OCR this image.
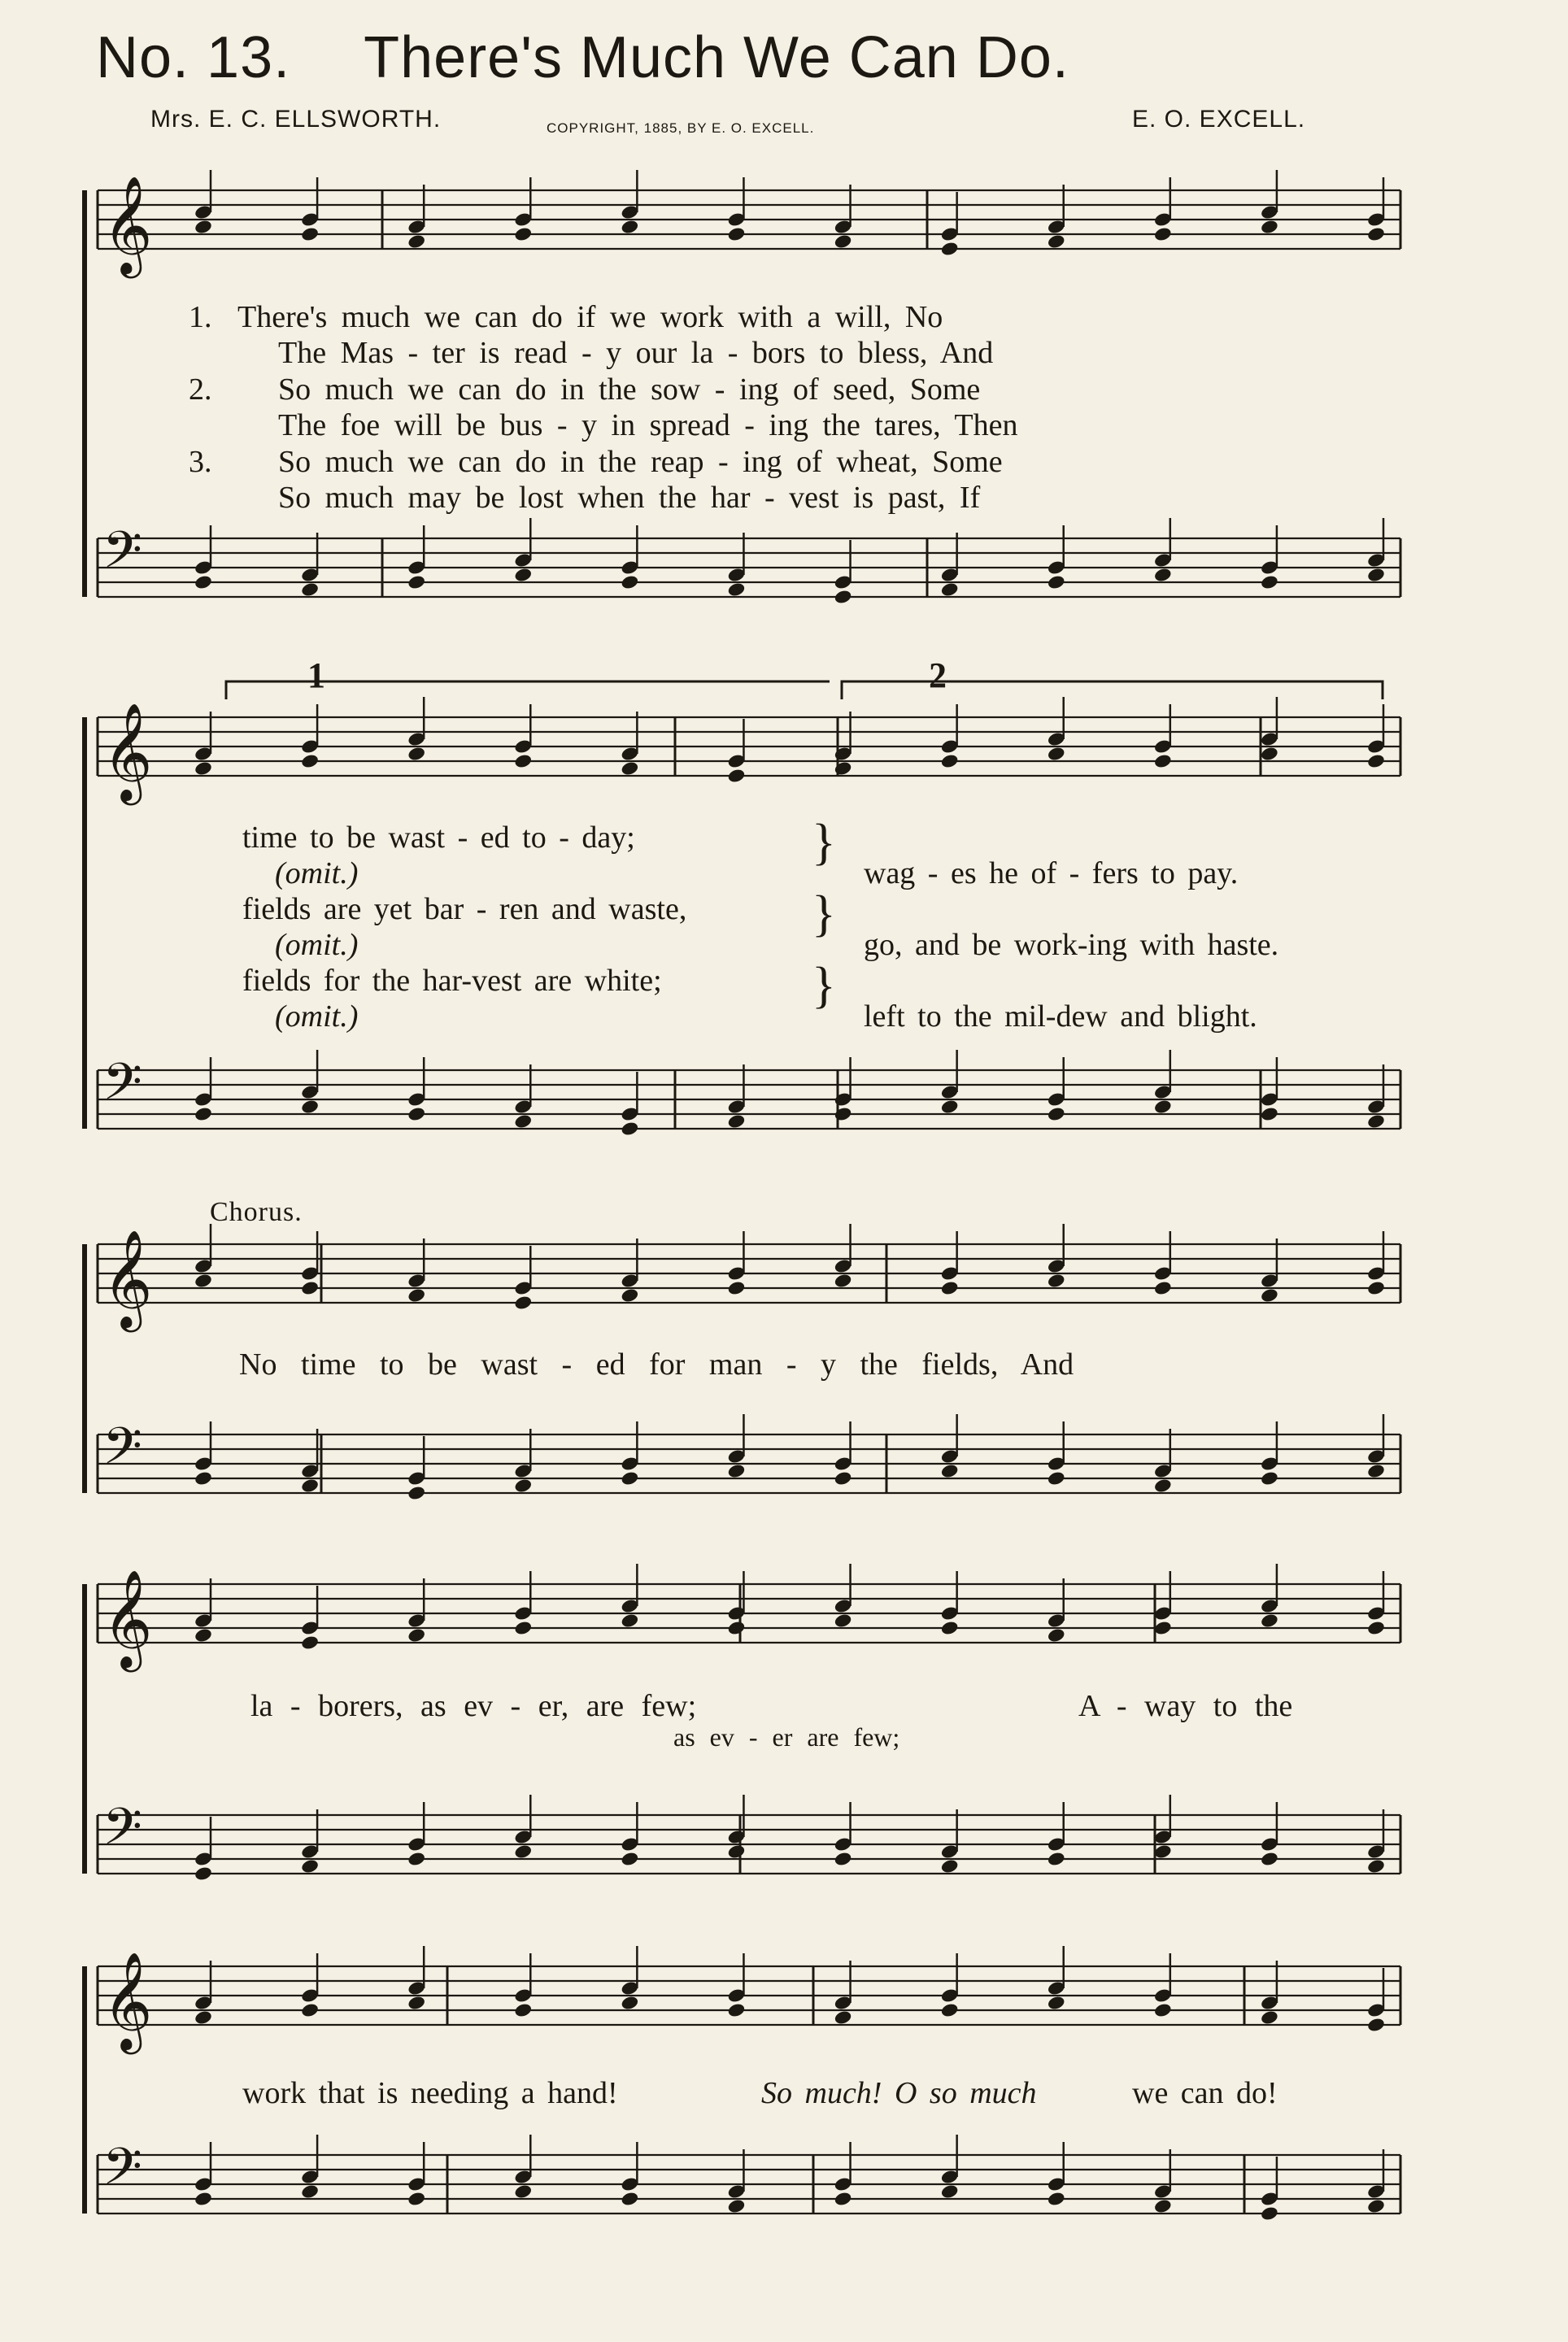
No. 13. There's Much We Can Do.
Mrs. E. C. ELLSWORTH.	COPYRIGHT, 1885, BY E. O. EXCELL.	E. O. EXCELL.
𝄞
𝄢
𝄞
𝄢
𝄞
𝄢
𝄞
𝄢
𝄞
𝄢
1	2
1.
2.
3.
There's much we can do if we work with a will, No
The Mas - ter is read - y our la - bors to bless, And
So much we can do in the sow - ing of seed, Some
The foe will be bus - y in spread - ing the tares, Then
So much we can do in the reap - ing of wheat, Some
So much may be lost when the har - vest is past, If
time to be wast - ed to - day;
(omit.)
fields are yet bar - ren and waste,
(omit.)
fields for the har-vest are white;
(omit.)
}
}
}
wag - es he of - fers to pay.
go, and be work-ing with haste.
left to the mil-dew and blight.
Chorus.
No time to be wast - ed for man - y the fields, And
la - borers, as ev - er, are few;	A - way to the
as ev - er are few;
work that is needing a hand!	So much! O so much	we can do!
